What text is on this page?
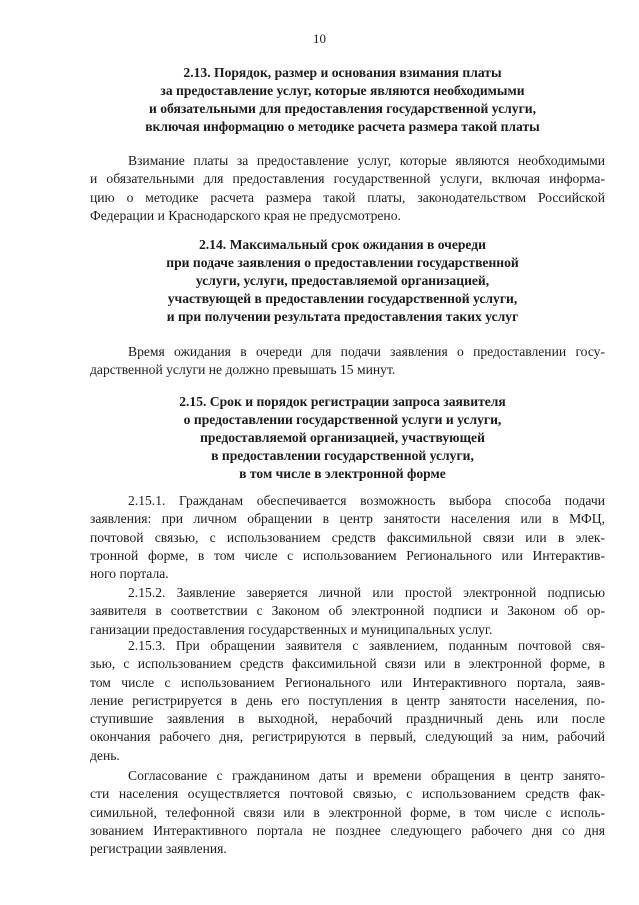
10
2.13. Порядок, размер и основания взимания платы
за предоставление услуг, которые являются необходимыми
и обязательными для предоставления государственной услуги,
включая информацию о методике расчета размера такой платы
Взимание платы за предоставление услуг, которые являются необходимыми
и обязательными для предоставления государственной услуги, включая информа-
цию о методике расчета размера такой платы, законодательством Российской
Федерации и Краснодарского края не предусмотрено.
2.14. Максимальный срок ожидания в очереди
при подаче заявления о предоставлении государственной
услуги, услуги, предоставляемой организацией,
участвующей в предоставлении государственной услуги,
и при получении результата предоставления таких услуг
Время ожидания в очереди для подачи заявления о предоставлении госу-
дарственной услуги не должно превышать 15 минут.
2.15. Срок и порядок регистрации запроса заявителя
о предоставлении государственной услуги и услуги,
предоставляемой организацией, участвующей
в предоставлении государственной услуги,
в том числе в электронной форме
2.15.1. Гражданам обеспечивается возможность выбора способа подачи
заявления: при личном обращении в центр занятости населения или в МФЦ,
почтовой связью, с использованием средств факсимильной связи или в элек-
тронной форме, в том числе с использованием Регионального или Интерактив-
ного портала.
2.15.2. Заявление заверяется личной или простой электронной подписью
заявителя в соответствии с Законом об электронной подписи и Законом об ор-
ганизации предоставления государственных и муниципальных услуг.
2.15.3. При обращении заявителя с заявлением, поданным почтовой свя-
зью, с использованием средств факсимильной связи или в электронной форме, в
том числе с использованием Регионального или Интерактивного портала, заяв-
ление регистрируется в день его поступления в центр занятости населения, по-
ступившие заявления в выходной, нерабочий праздничный день или после
окончания рабочего дня, регистрируются в первый, следующий за ним, рабочий
день.
Согласование с гражданином даты и времени обращения в центр занято-
сти населения осуществляется почтовой связью, с использованием средств фак-
симильной, телефонной связи или в электронной форме, в том числе с исполь-
зованием Интерактивного портала не позднее следующего рабочего дня со дня
регистрации заявления.
